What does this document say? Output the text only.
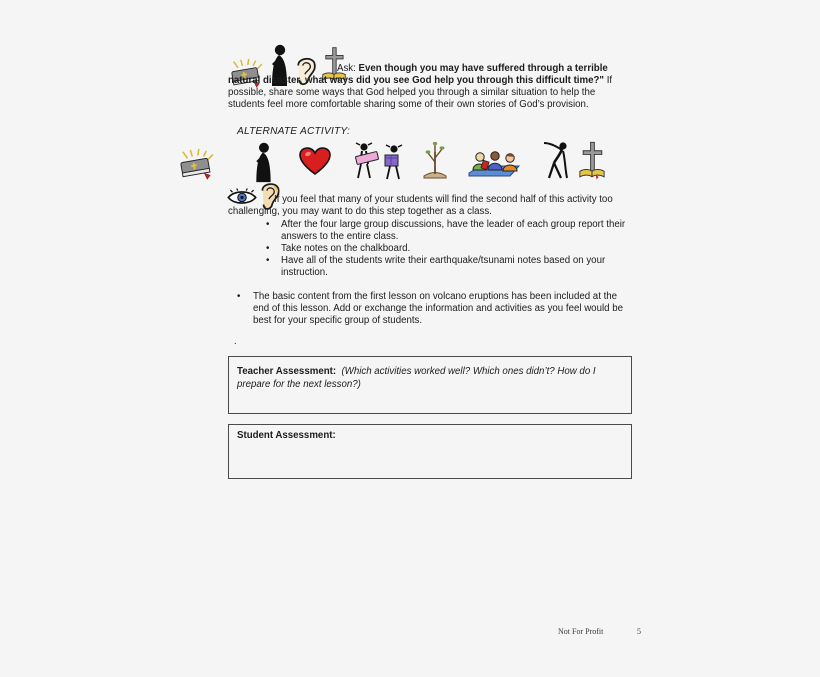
Ask: Even though you may have suffered through a terrible natural disaster, what ways did you see God help you through this difficult time?" If possible, share some ways that God helped you through a similar situation to help the students feel more comfortable sharing some of their own stories of God’s provision.
ALTERNATE ACTIVITY:
If you feel that many of your students will find the second half of this activity too challenging, you may want to do this step together as a class.
• After the four large group discussions, have the leader of each group report their answers to the entire class.
• Take notes on the chalkboard.
• Have all of the students write their earthquake/tsunami notes based on your instruction.
• The basic content from the first lesson on volcano eruptions has been included at the end of this lesson. Add or exchange the information and activities as you feel would be best for your specific group of students.
.
Teacher Assessment:  (Which activities worked well? Which ones didn’t? How do I prepare for the next lesson?)
Student Assessment:
Not For Profit	5
